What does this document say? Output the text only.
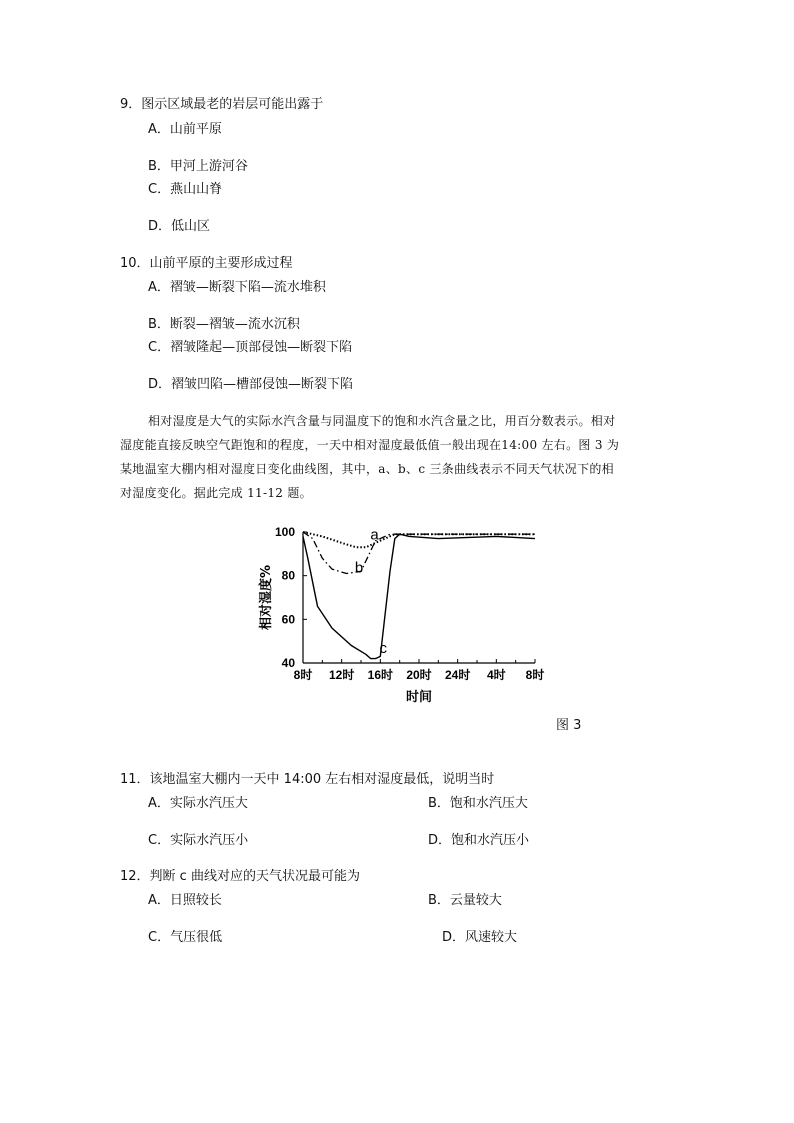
9．图示区域最老的岩层可能出露于
A．山前平原
B．甲河上游河谷
C．燕山山脊
D．低山区
10．山前平原的主要形成过程
A．褶皱—断裂下陷—流水堆积
B．断裂—褶皱—流水沉积
C．褶皱隆起—顶部侵蚀—断裂下陷
D．褶皱凹陷—槽部侵蚀—断裂下陷
相对湿度是大气的实际水汽含量与同温度下的饱和水汽含量之比，用百分数表示。相对
湿度能直接反映空气距饱和的程度，一天中相对湿度最低值一般出现在14:00 左右。图 3 为
某地温室大棚内相对湿度日变化曲线图，其中，a、b、c 三条曲线表示不同天气状况下的相
对湿度变化。据此完成 11-12 题。
40
60
80
100
8时 12时 16时 20时 24时 4时 8时
时间
相对湿度%
a
b
c
图 3
11．该地温室大棚内一天中 14:00 左右相对湿度最低，说明当时
A．实际水汽压大	B．饱和水汽压大
C．实际水汽压小	D．饱和水汽压小
12．判断 c 曲线对应的天气状况最可能为
A．日照较长	B．云量较大
C．气压很低	D．风速较大
